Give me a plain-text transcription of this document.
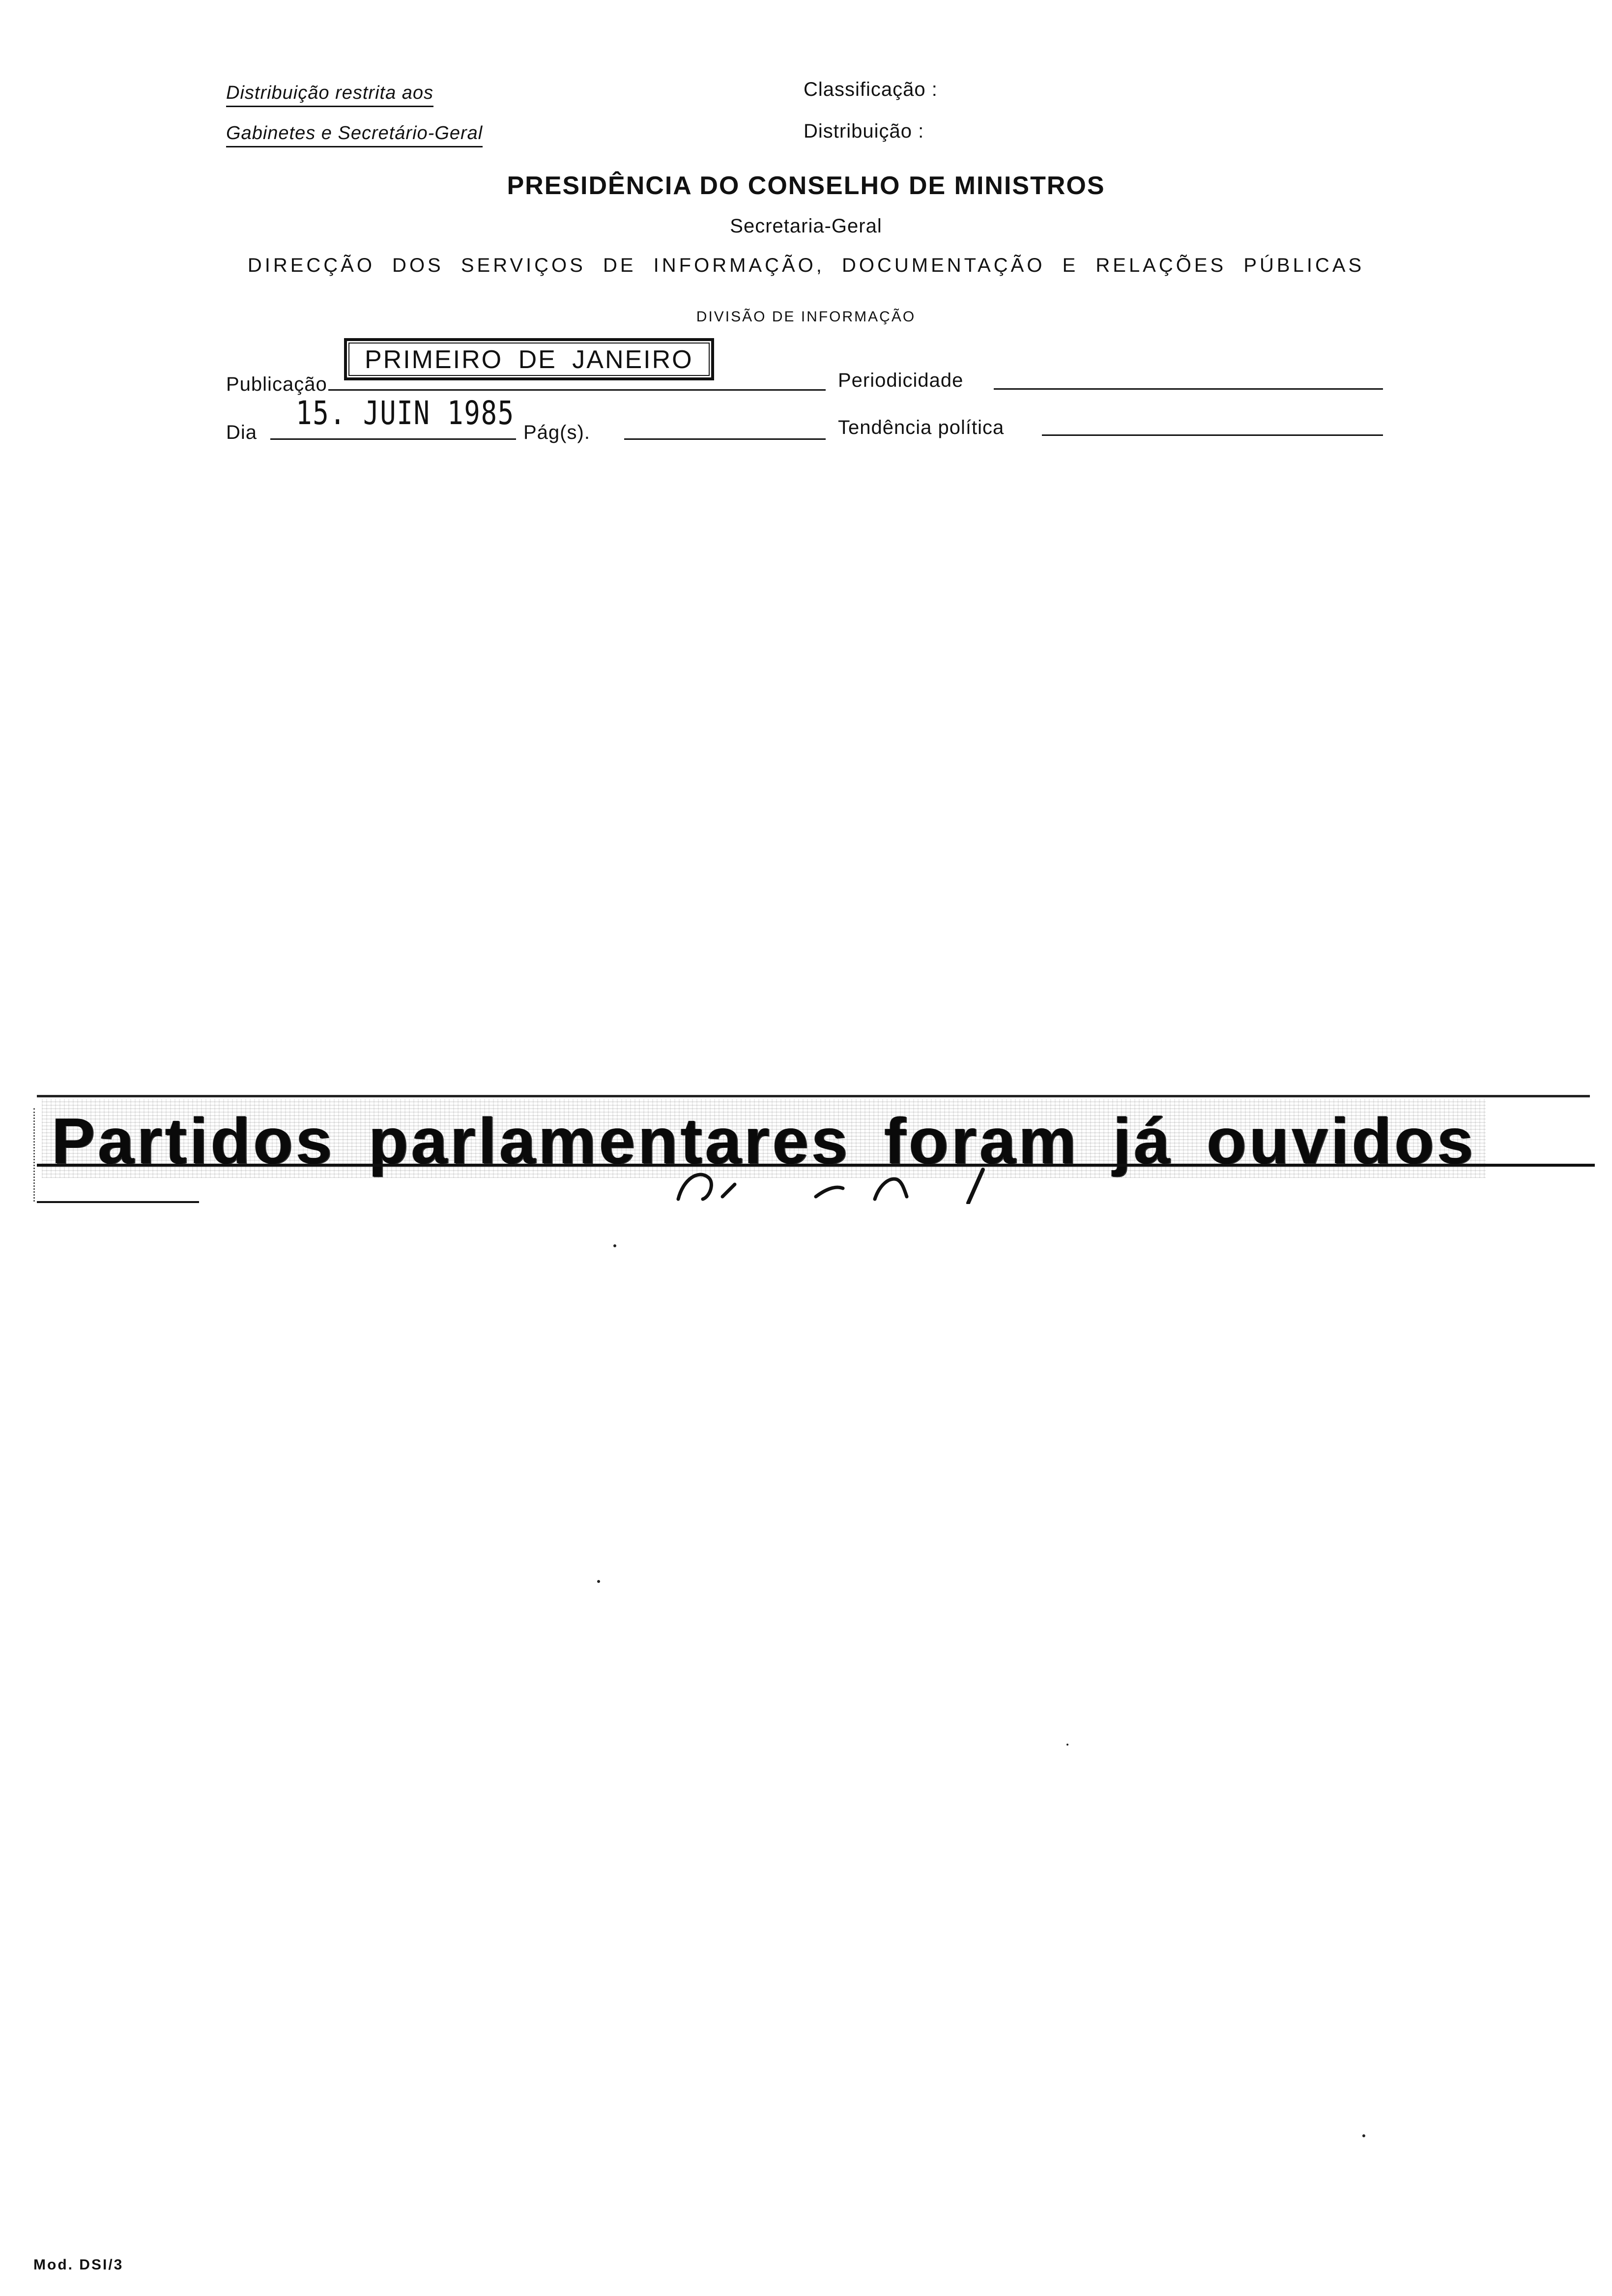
Distribuição restrita aos
Gabinetes e Secretário-Geral
Classificação :
Distribuição :
PRESIDÊNCIA DO CONSELHO DE MINISTROS
Secretaria-Geral
DIRECÇÃO DOS SERVIÇOS DE INFORMAÇÃO, DOCUMENTAÇÃO E RELAÇÕES PÚBLICAS
DIVISÃO DE INFORMAÇÃO
Publicação
PRIMEIRO DE JANEIRO
Periodicidade
Dia
15. JUIN 1985
Pág(s).	Tendência política
Partidos parlamentares foram já ouvidos
Mod. DSI/3
